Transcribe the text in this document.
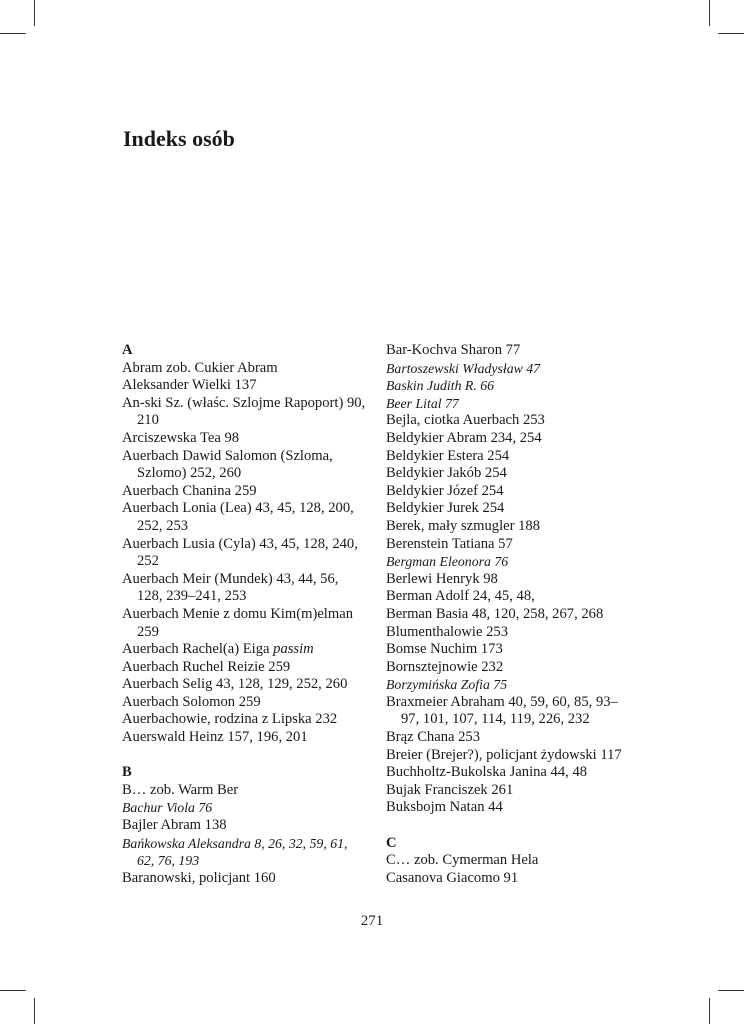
Indeks osób
A
Abram zob. Cukier Abram
Aleksander Wielki 137
An-ski Sz. (właśc. Szlojme Rapoport) 90, 210
Arciszewska Tea 98
Auerbach Dawid Salomon (Szloma, Szlomo) 252, 260
Auerbach Chanina 259
Auerbach Lonia (Lea) 43, 45, 128, 200, 252, 253
Auerbach Lusia (Cyla) 43, 45, 128, 240, 252
Auerbach Meir (Mundek) 43, 44, 56, 128, 239–241, 253
Auerbach Menie z domu Kim(m)elman 259
Auerbach Rachel(a) Eiga passim
Auerbach Ruchel Reizie 259
Auerbach Selig 43, 128, 129, 252, 260
Auerbach Solomon 259
Auerbachowie, rodzina z Lipska 232
Auerswald Heinz 157, 196, 201
B
B… zob. Warm Ber
Bachur Viola 76
Bajler Abram 138
Bańkowska Aleksandra 8, 26, 32, 59, 61, 62, 76, 193
Baranowski, policjant 160
Bar-Kochva Sharon 77
Bartoszewski Władysław 47
Baskin Judith R. 66
Beer Lital 77
Bejla, ciotka Auerbach 253
Beldykier Abram 234, 254
Beldykier Estera 254
Beldykier Jakób 254
Beldykier Józef 254
Beldykier Jurek 254
Berek, mały szmugler 188
Berenstein Tatiana 57
Bergman Eleonora 76
Berlewi Henryk 98
Berman Adolf 24, 45, 48,
Berman Basia 48, 120, 258, 267, 268
Blumenthalowie 253
Bomse Nuchim 173
Bornsztejnowie 232
Borzymińska Zofia 75
Braxmeier Abraham 40, 59, 60, 85, 93–97, 101, 107, 114, 119, 226, 232
Brąz Chana 253
Breier (Brejer?), policjant żydowski 117
Buchholtz-Bukolska Janina 44, 48
Bujak Franciszek 261
Buksbojm Natan 44
C
C… zob. Cymerman Hela
Casanova Giacomo 91
271
